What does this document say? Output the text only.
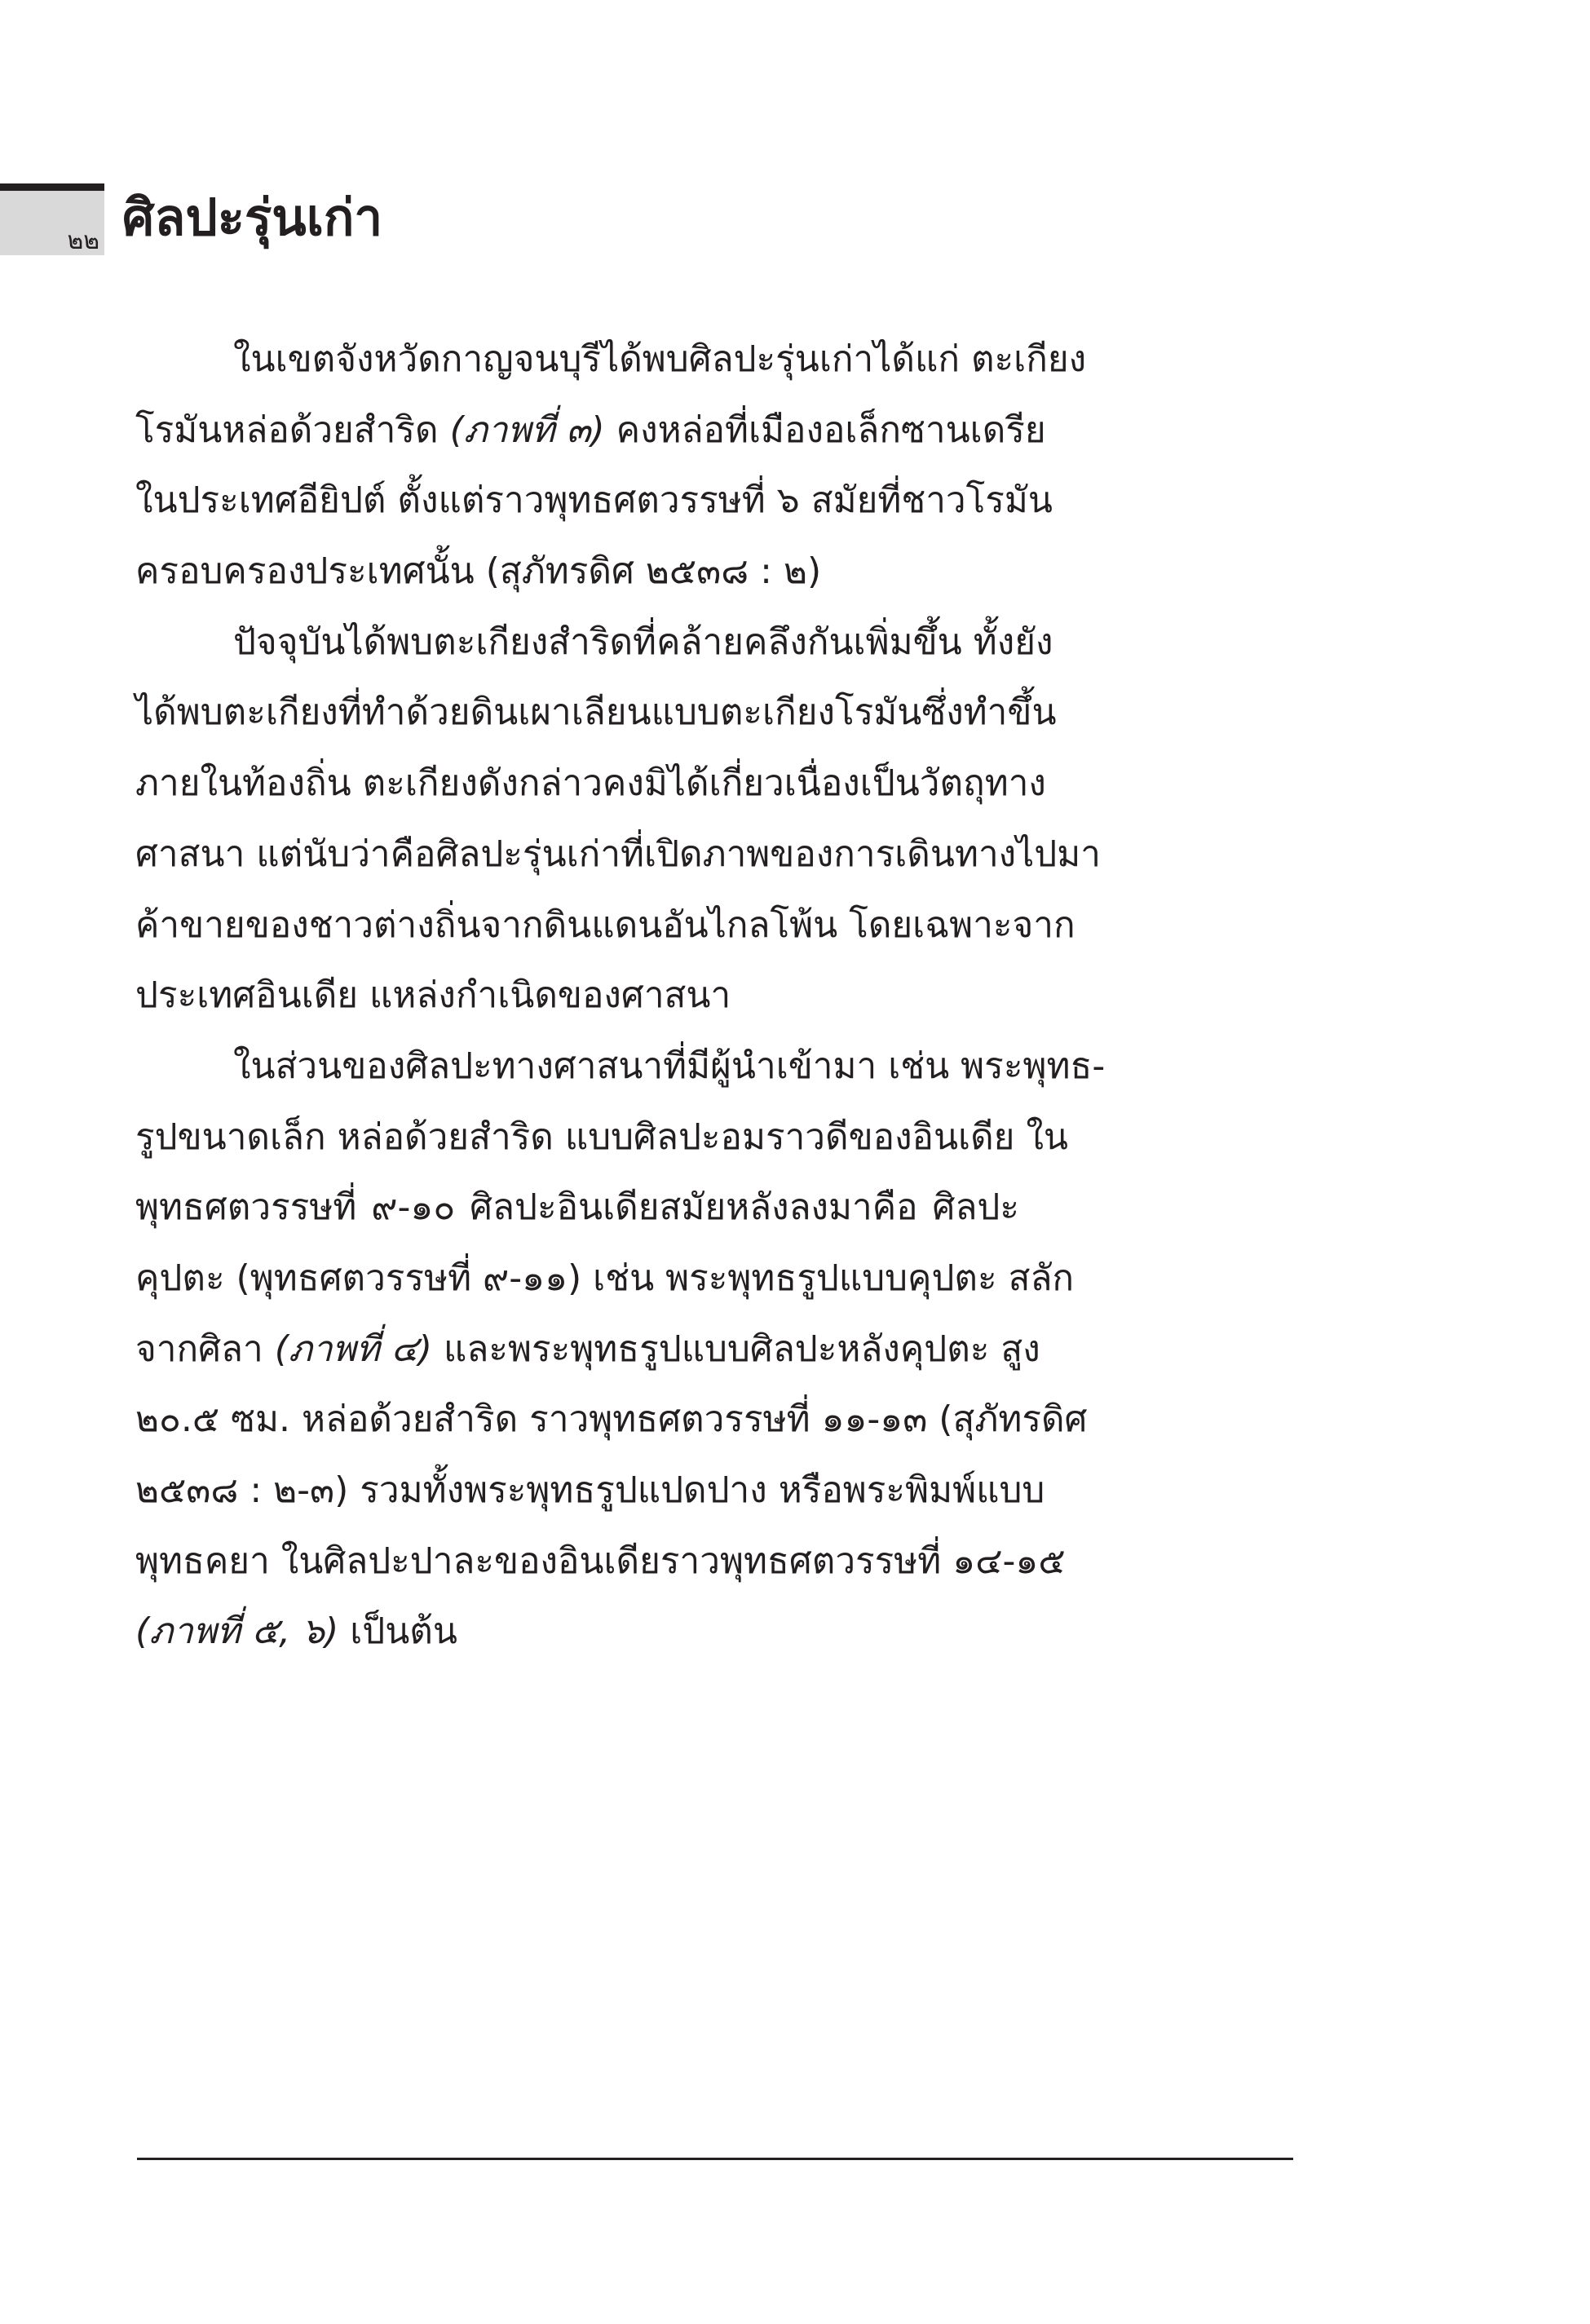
๒๒ ศิลปะรุ่นเก่า
ในเขตจังหวัดกาญจนบุรีได้พบศิลปะรุ่นเก่าได้แก่ ตะเกียง
โรมันหล่อด้วยสำริด (ภาพที่ ๓) คงหล่อที่เมืองอเล็กซานเดรีย
ในประเทศอียิปต์ ตั้งแต่ราวพุทธศตวรรษที่ ๖ สมัยที่ชาวโรมัน
ครอบครองประเทศนั้น (สุภัทรดิศ ๒๕๓๘ : ๒)
ปัจจุบันได้พบตะเกียงสำริดที่คล้ายคลึงกันเพิ่มขึ้น ทั้งยัง
ได้พบตะเกียงที่ทำด้วยดินเผาเลียนแบบตะเกียงโรมันซึ่งทำขึ้น
ภายในท้องถิ่น ตะเกียงดังกล่าวคงมิได้เกี่ยวเนื่องเป็นวัตถุทาง
ศาสนา แต่นับว่าคือศิลปะรุ่นเก่าที่เปิดภาพของการเดินทางไปมา
ค้าขายของชาวต่างถิ่นจากดินแดนอันไกลโพ้น โดยเฉพาะจาก
ประเทศอินเดีย แหล่งกำเนิดของศาสนา
ในส่วนของศิลปะทางศาสนาที่มีผู้นำเข้ามา เช่น พระพุทธ-
รูปขนาดเล็ก หล่อด้วยสำริด แบบศิลปะอมราวดีของอินเดีย ใน
พุทธศตวรรษที่ ๙-๑๐ ศิลปะอินเดียสมัยหลังลงมาคือ ศิลปะ
คุปตะ (พุทธศตวรรษที่ ๙-๑๑) เช่น พระพุทธรูปแบบคุปตะ สลัก
จากศิลา (ภาพที่ ๔) และพระพุทธรูปแบบศิลปะหลังคุปตะ สูง
๒๐.๕ ซม. หล่อด้วยสำริด ราวพุทธศตวรรษที่ ๑๑-๑๓ (สุภัทรดิศ
๒๕๓๘ : ๒-๓) รวมทั้งพระพุทธรูปแปดปาง หรือพระพิมพ์แบบ
พุทธคยา ในศิลปะปาละของอินเดียราวพุทธศตวรรษที่ ๑๔-๑๕
(ภาพที่ ๕, ๖) เป็นต้น
